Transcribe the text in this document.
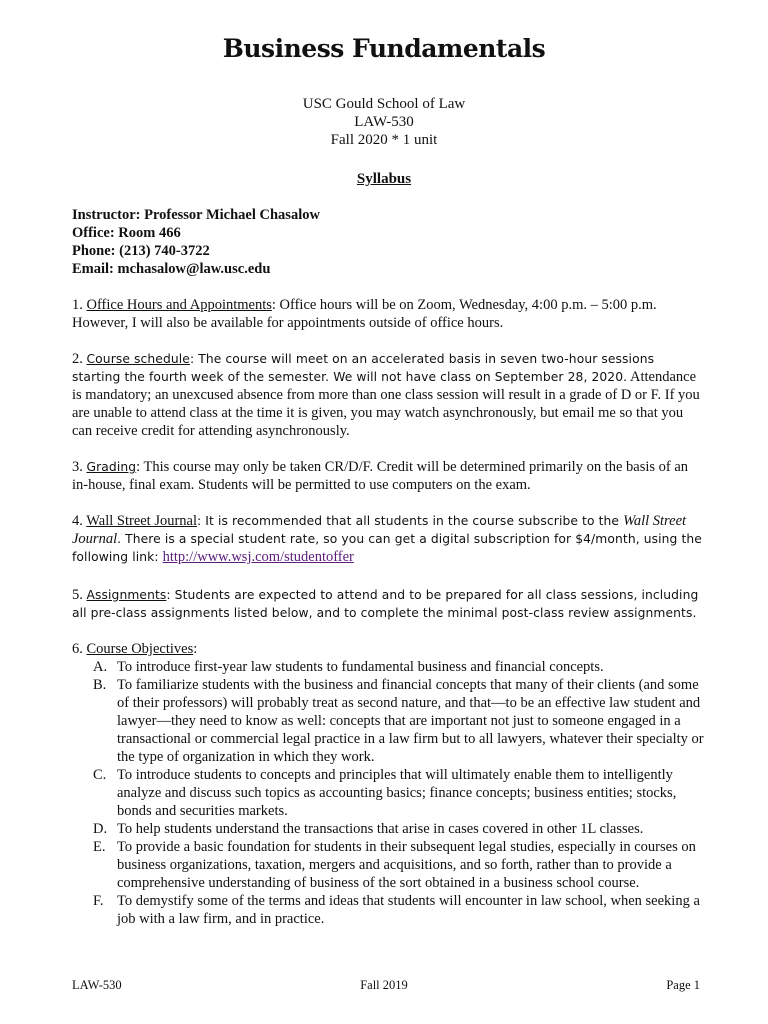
Business Fundamentals
USC Gould School of Law
LAW-530
Fall 2020 * 1 unit
Syllabus
Instructor: Professor Michael Chasalow
Office: Room 466
Phone: (213) 740-3722
Email: mchasalow@law.usc.edu
1. Office Hours and Appointments: Office hours will be on Zoom, Wednesday, 4:00 p.m. – 5:00 p.m. However, I will also be available for appointments outside of office hours.
2. Course schedule: The course will meet on an accelerated basis in seven two-hour sessions starting the fourth week of the semester. We will not have class on September 28, 2020. Attendance is mandatory; an unexcused absence from more than one class session will result in a grade of D or F. If you are unable to attend class at the time it is given, you may watch asynchronously, but email me so that you can receive credit for attending asynchronously.
3. Grading: This course may only be taken CR/D/F. Credit will be determined primarily on the basis of an in-house, final exam. Students will be permitted to use computers on the exam.
4. Wall Street Journal: It is recommended that all students in the course subscribe to the Wall Street Journal. There is a special student rate, so you can get a digital subscription for $4/month, using the following link: http://www.wsj.com/studentoffer
5. Assignments: Students are expected to attend and to be prepared for all class sessions, including all pre-class assignments listed below, and to complete the minimal post-class review assignments.
6. Course Objectives:
A. To introduce first-year law students to fundamental business and financial concepts.
B. To familiarize students with the business and financial concepts that many of their clients (and some of their professors) will probably treat as second nature, and that—to be an effective law student and lawyer—they need to know as well: concepts that are important not just to someone engaged in a transactional or commercial legal practice in a law firm but to all lawyers, whatever their specialty or the type of organization in which they work.
C. To introduce students to concepts and principles that will ultimately enable them to intelligently analyze and discuss such topics as accounting basics; finance concepts; business entities; stocks, bonds and securities markets.
D. To help students understand the transactions that arise in cases covered in other 1L classes.
E. To provide a basic foundation for students in their subsequent legal studies, especially in courses on business organizations, taxation, mergers and acquisitions, and so forth, rather than to provide a comprehensive understanding of business of the sort obtained in a business school course.
F. To demystify some of the terms and ideas that students will encounter in law school, when seeking a job with a law firm, and in practice.
LAW-530	Fall 2019	Page 1
